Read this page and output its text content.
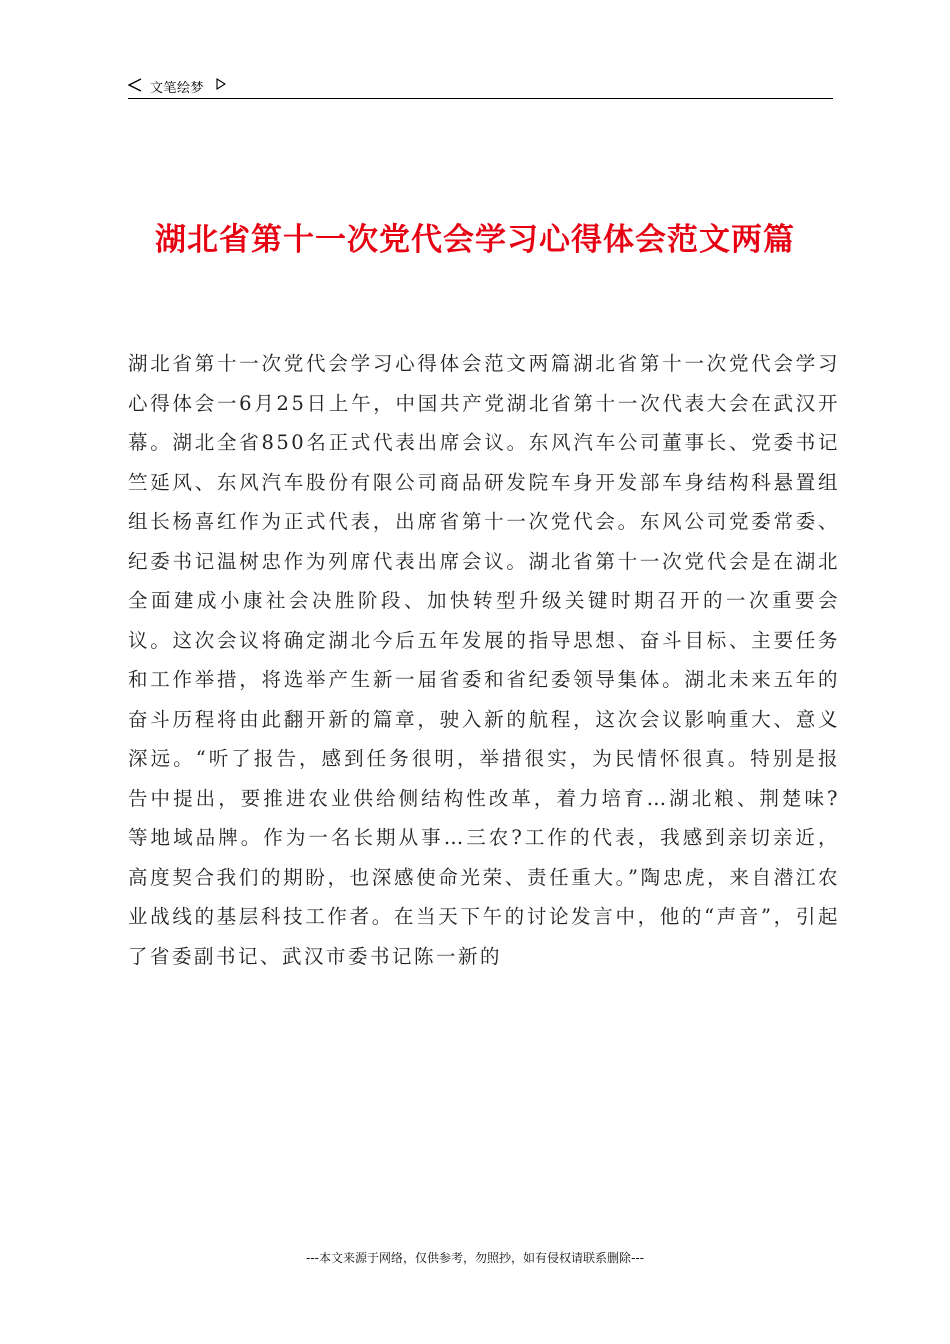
文笔绘梦
湖北省第十一次党代会学习心得体会范文两篇

湖北省第十一次党代会学习心得体会范文两篇湖北省第十一次党代会学习心得体会一6月25日上午，中国共产党湖北省第十一次代表大会在武汉开幕。湖北全省850名正式代表出席会议。东风汽车公司董事长、党委书记竺延风、东风汽车股份有限公司商品研发院车身开发部车身结构科悬置组组长杨喜红作为正式代表，出席省第十一次党代会。东风公司党委常委、纪委书记温树忠作为列席代表出席会议。湖北省第十一次党代会是在湖北全面建成小康社会决胜阶段、加快转型升级关键时期召开的一次重要会议。这次会议将确定湖北今后五年发展的指导思想、奋斗目标、主要任务和工作举措，将选举产生新一届省委和省纪委领导集体。湖北未来五年的奋斗历程将由此翻开新的篇章，驶入新的航程，这次会议影响重大、意义深远。“听了报告，感到任务很明，举措很实，为民情怀很真。特别是报告中提出，要推进农业供给侧结构性改革，着力培育…湖北粮、荆楚味?等地域品牌。作为一名长期从事…三农?工作的代表，我感到亲切亲近，高度契合我们的期盼，也深感使命光荣、责任重大。”陶忠虎，来自潜江农业战线的基层科技工作者。在当天下午的讨论发言中，他的“声音”，引起了省委副书记、武汉市委书记陈一新的

---本文来源于网络，仅供参考，勿照抄，如有侵权请联系删除---
